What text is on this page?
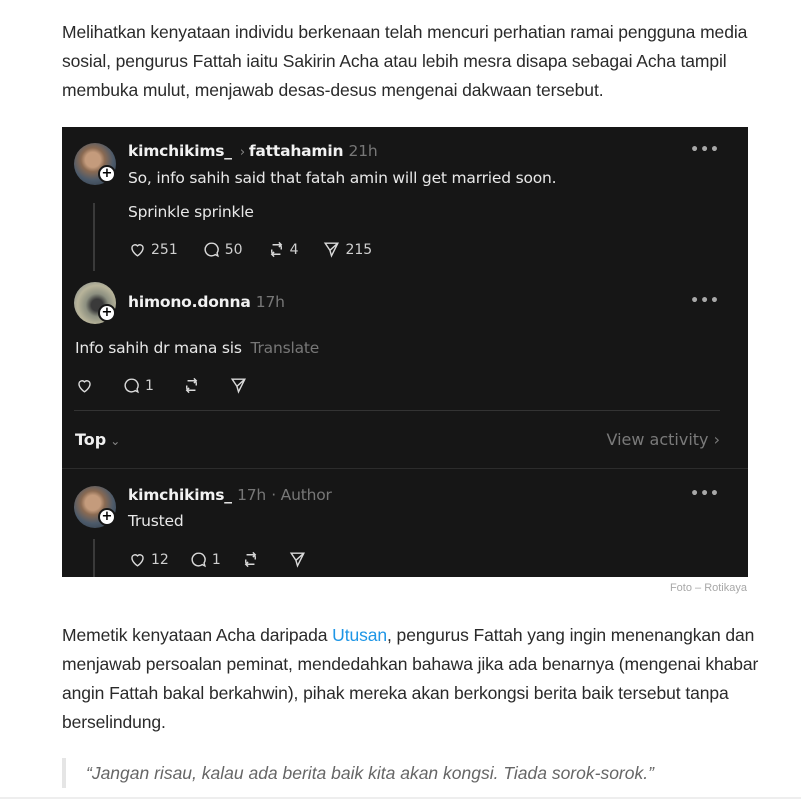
Melihatkan kenyataan individu berkenaan telah mencuri perhatian ramai pengguna media sosial, pengurus Fattah iaitu Sakirin Acha atau lebih mesra disapa sebagai Acha tampil membuka mulut, menjawab desas-desus mengenai dakwaan tersebut.

+
kimchikims_ › fattahamin 21h	•••
So, info sahih said that fatah amin will get married soon.
Sprinkle sprinkle
251	50	4	215
+
himono.donna 17h	•••
Info sahih dr mana sis Translate
1
Top ⌄	View activity ›
+
kimchikims_ 17h · Author	•••
Trusted
12	1
Foto – Rotikaya

Memetik kenyataan Acha daripada Utusan, pengurus Fattah yang ingin menenangkan dan menjawab persoalan peminat, mendedahkan bahawa jika ada benarnya (mengenai khabar angin Fattah bakal berkahwin), pihak mereka akan berkongsi berita baik tersebut tanpa berselindung.

“Jangan risau, kalau ada berita baik kita akan kongsi. Tiada sorok-sorok.”
